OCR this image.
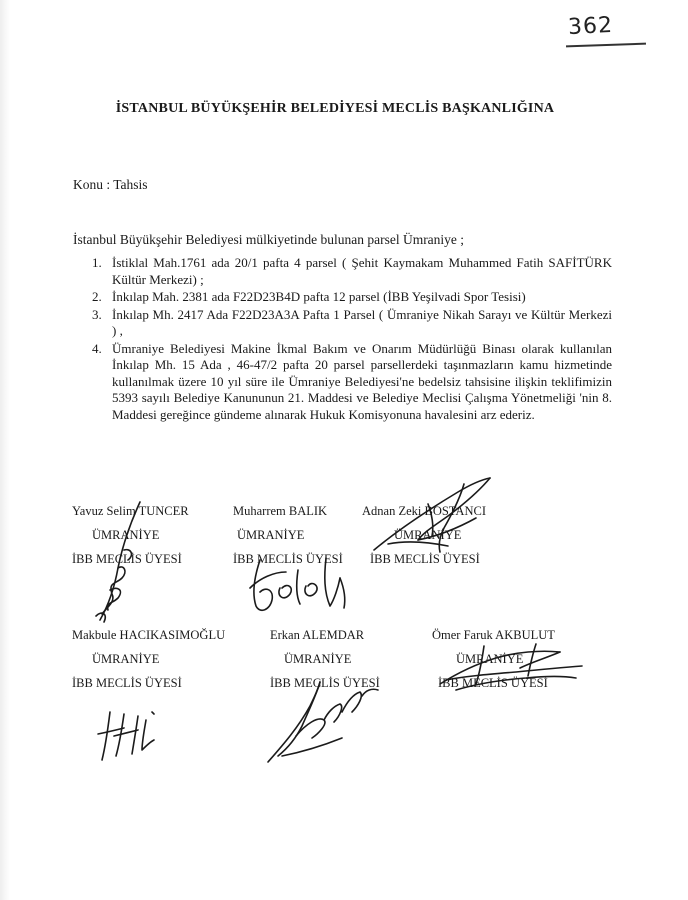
362
İSTANBUL BÜYÜKŞEHİR BELEDİYESİ MECLİS BAŞKANLIĞINA
Konu : Tahsis
İstanbul Büyükşehir Belediyesi mülkiyetinde bulunan parsel Ümraniye ;
1. İstiklal Mah.1761 ada 20/1 pafta 4 parsel ( Şehit Kaymakam Muhammed Fatih SAFİTÜRK Kültür Merkezi) ;
2. İnkılap Mah. 2381 ada F22D23B4D pafta 12 parsel (İBB Yeşilvadi Spor Tesisi)
3. İnkılap Mh. 2417 Ada F22D23A3A Pafta 1 Parsel ( Ümraniye Nikah Sarayı ve Kültür Merkezi ) ,
4. Ümraniye Belediyesi Makine İkmal Bakım ve Onarım Müdürlüğü Binası olarak kullanılan İnkılap Mh. 15 Ada , 46-47/2 pafta 20 parsel parsellerdeki taşınmazların kamu hizmetinde kullanılmak üzere 10 yıl süre ile Ümraniye Belediyesi'ne bedelsiz tahsisine ilişkin teklifimizin 5393 sayılı Belediye Kanununun 21. Maddesi ve Belediye Meclisi Çalışma Yönetmeliği 'nin 8. Maddesi gereğince gündeme alınarak Hukuk Komisyonuna havalesini arz ederiz.
Yavuz Selim TUNCER
ÜMRANİYE
İBB MECLİS ÜYESİ
Muharrem BALIK
ÜMRANİYE
İBB MECLİS ÜYESİ
Adnan Zeki BOSTANCI
ÜMRANİYE
İBB MECLİS ÜYESİ
Makbule HACIKASIMOĞLU
ÜMRANİYE
İBB MECLİS ÜYESİ
Erkan ALEMDAR
ÜMRANİYE
İBB MECLİS ÜYESİ
Ömer Faruk AKBULUT
ÜMRANİYE
İBB MECLİS ÜYESİ
